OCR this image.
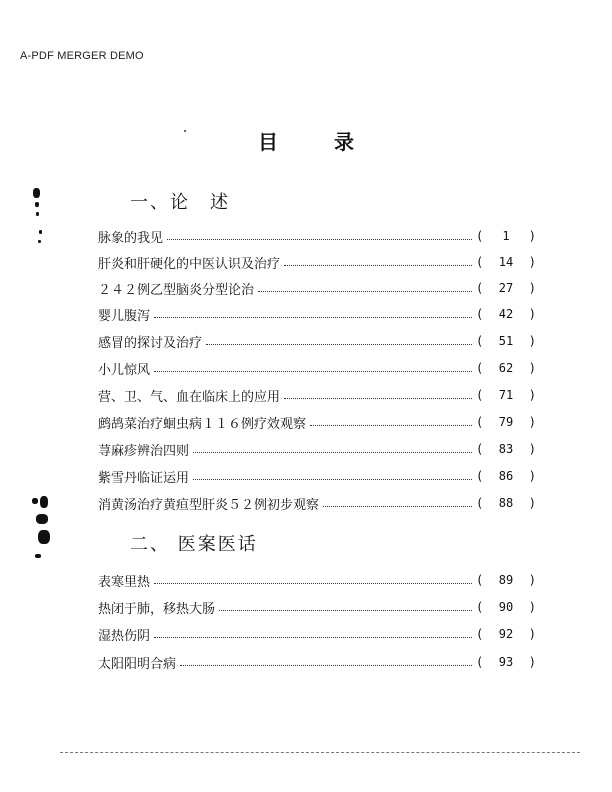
A-PDF MERGER DEMO
目录
一、论　述
脉象的我见	(	1	)
肝炎和肝硬化的中医认识及治疗	(	14	)
２４２例乙型脑炎分型论治	(	27	)
婴儿腹泻	(	42	)
感冒的探讨及治疗	(	51	)
小儿惊风	(	62	)
营、卫、气、血在临床上的应用	(	71	)
鹧鸪菜治疗蛔虫病１１６例疗效观察	(	79	)
荨麻疹辨治四则	(	83	)
紫雪丹临证运用	(	86	)
消黄汤治疗黄疸型肝炎５２例初步观察	(	88	)
二、 医案医话
表寒里热	(	89	)
热闭于肺，移热大肠	(	90	)
湿热伤阴	(	92	)
太阳阳明合病	(	93	)
